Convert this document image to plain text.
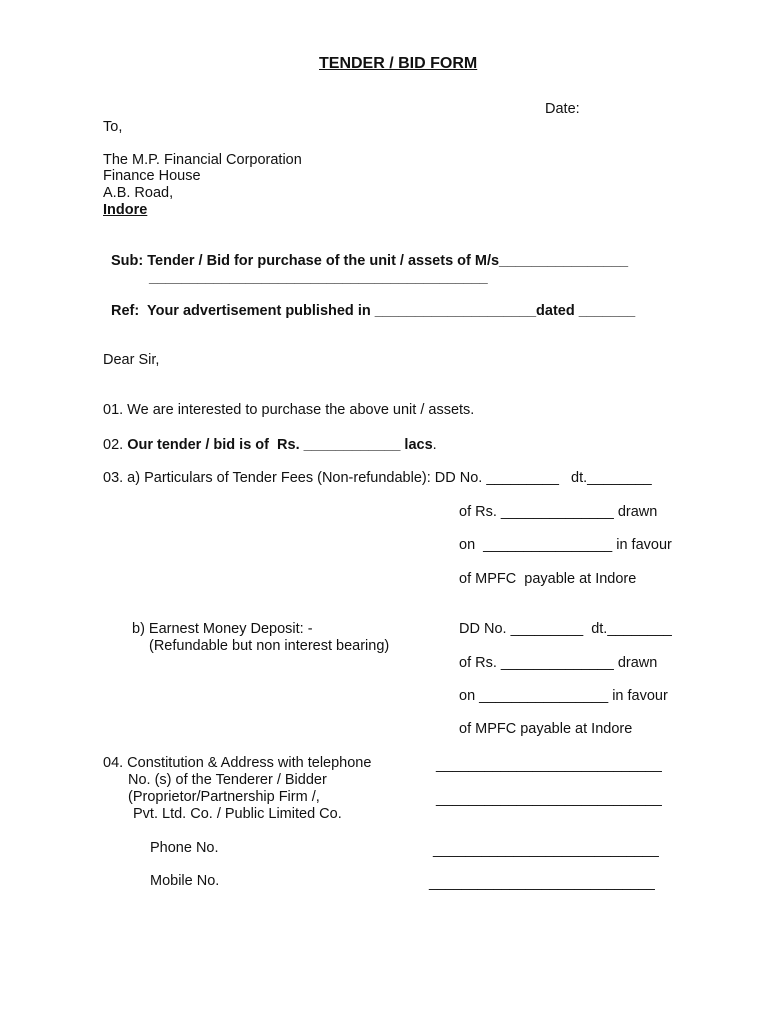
TENDER / BID FORM
Date:
To,
The M.P. Financial Corporation
Finance House
A.B. Road,
Indore
Sub: Tender / Bid for purchase of the unit / assets of M/s________________
__________________________________________
Ref:  Your advertisement published in ____________________dated _______
Dear Sir,
01. We are interested to purchase the above unit / assets.
02. Our tender / bid is of  Rs. ____________ lacs.
03. a) Particulars of Tender Fees (Non-refundable): DD No. _________   dt.________
of Rs. ______________ drawn
on  ________________ in favour
of MPFC  payable at Indore
b) Earnest Money Deposit: -
(Refundable but non interest bearing)
DD No. _________  dt.________
of Rs. ______________ drawn
on ________________ in favour
of MPFC payable at Indore
04. Constitution & Address with telephone
No. (s) of the Tenderer / Bidder
(Proprietor/Partnership Firm /,
Pvt. Ltd. Co. / Public Limited Co.
____________________________
____________________________
Phone No.	____________________________
Mobile No.	____________________________
